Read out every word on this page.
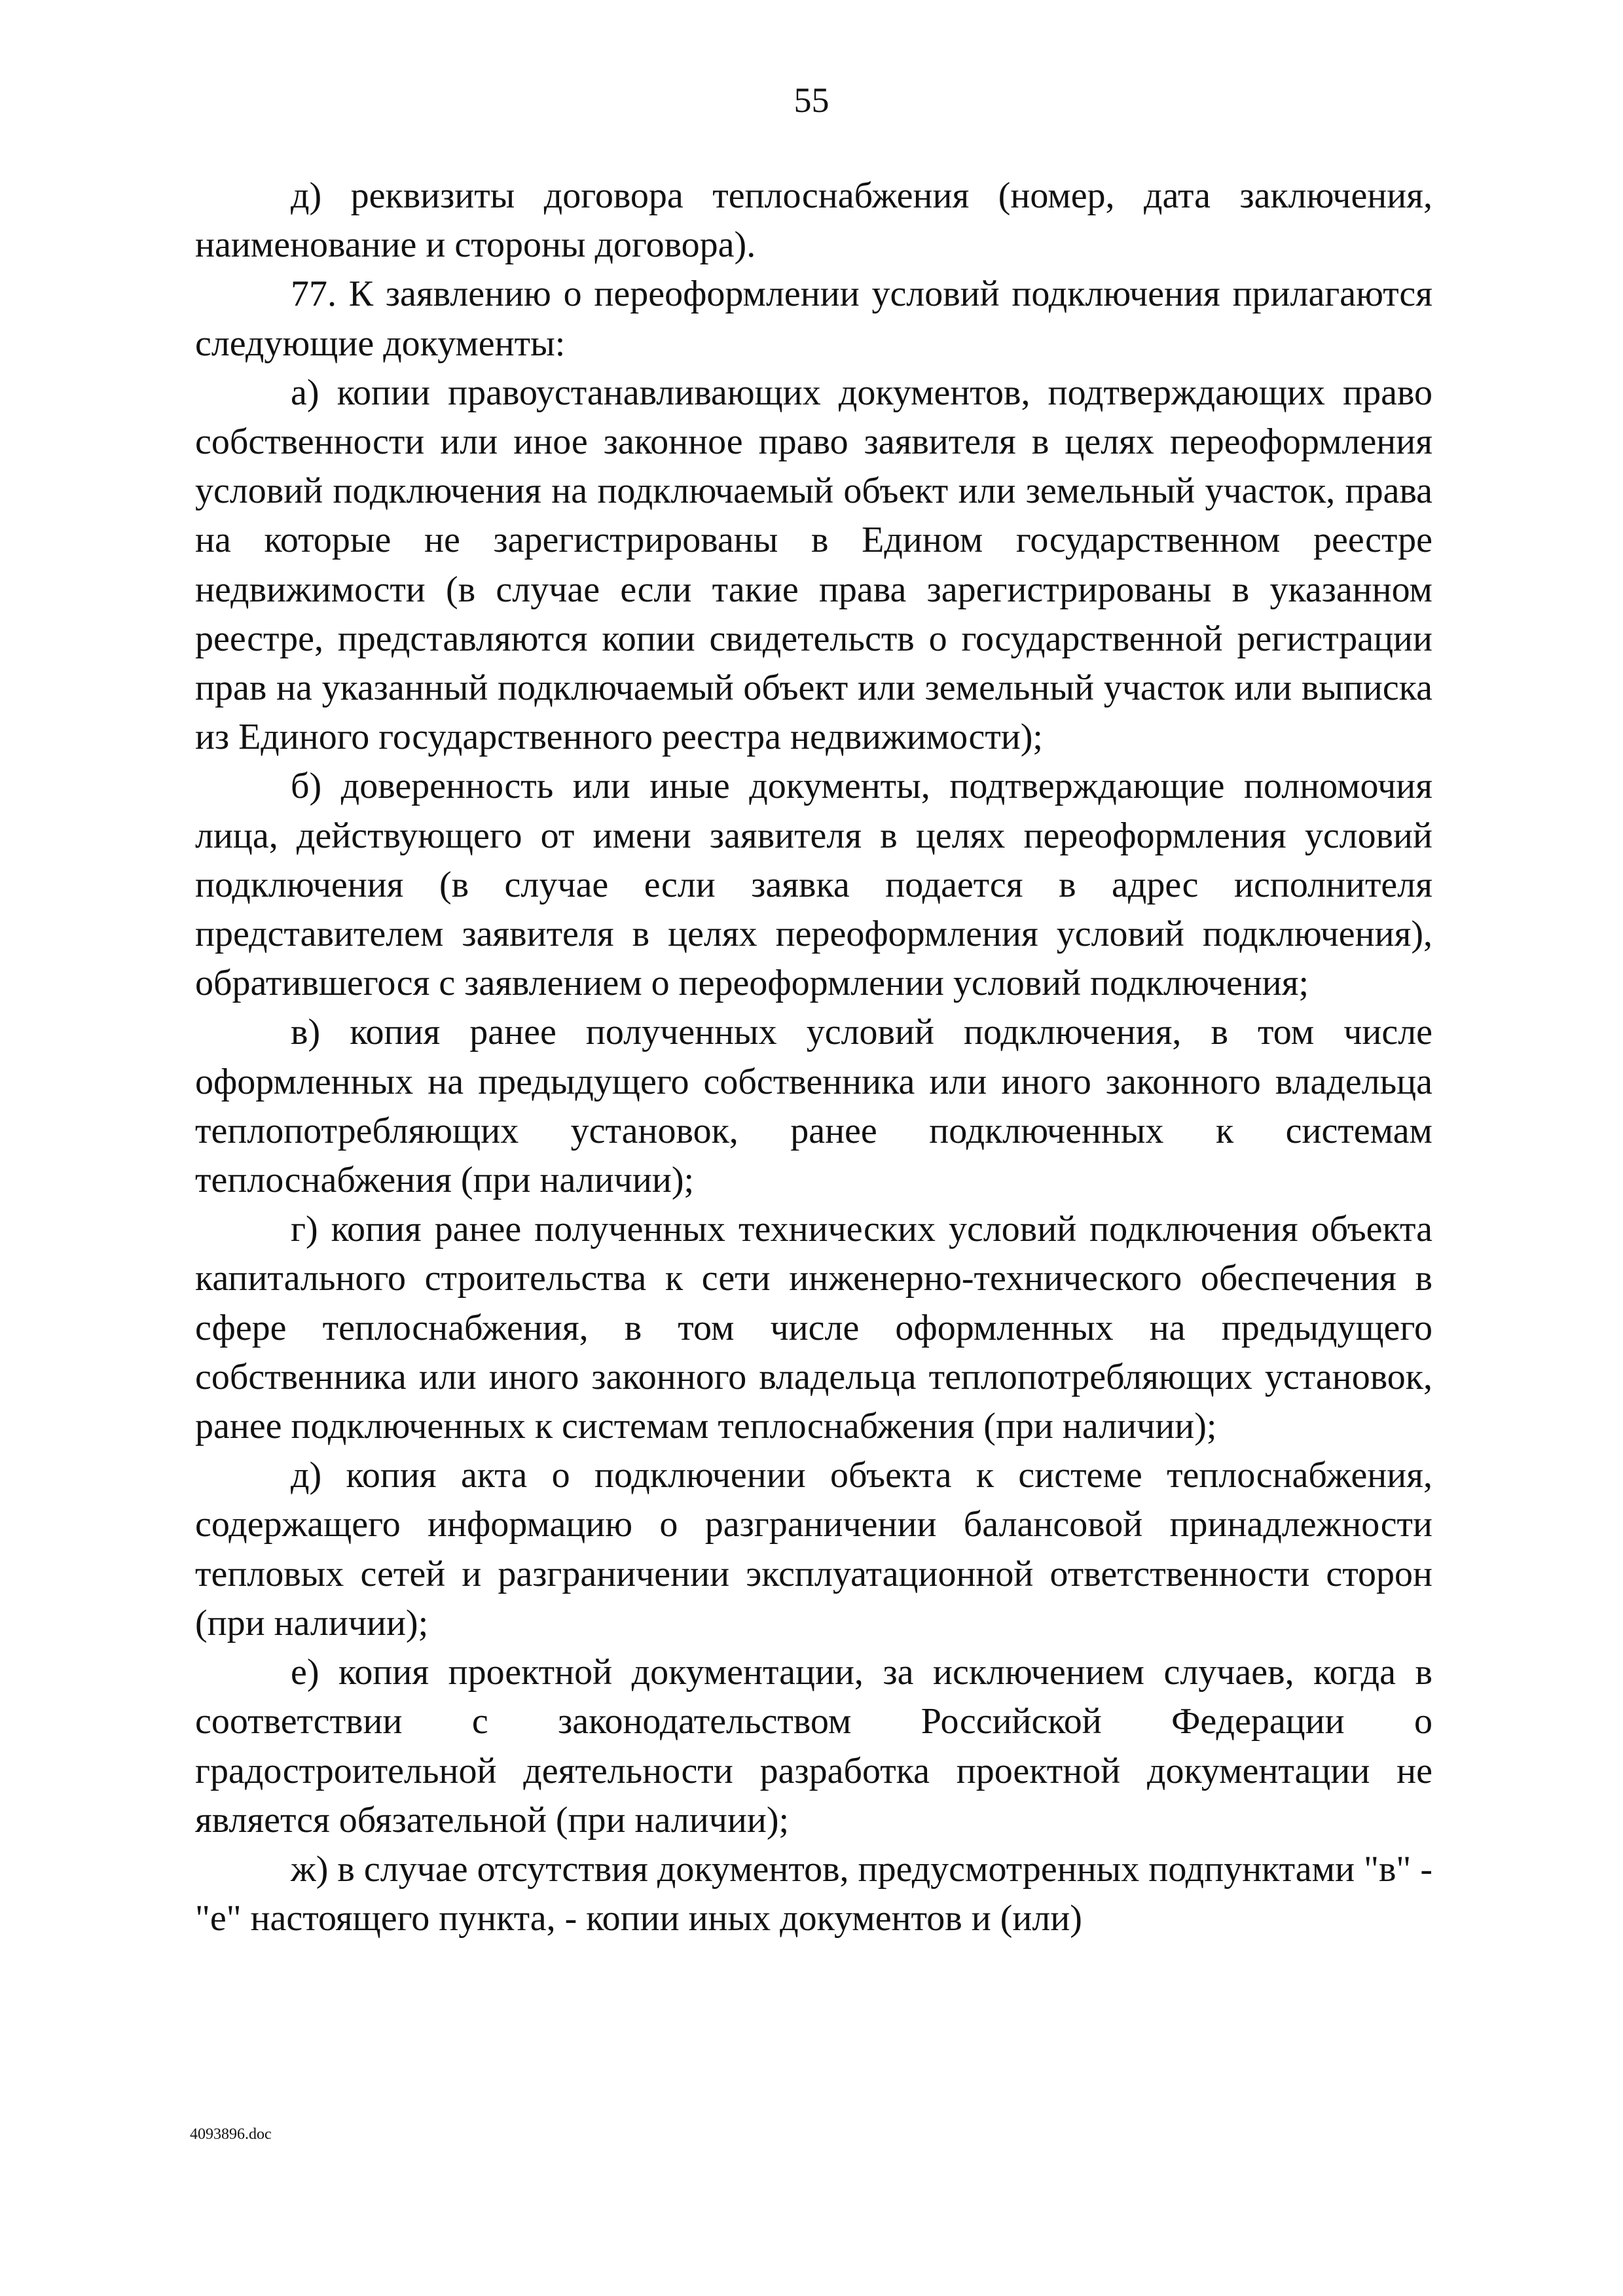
55

д) реквизиты договора теплоснабжения (номер, дата заключения, наименование и стороны договора).

77. К заявлению о переоформлении условий подключения прилагаются следующие документы:

а) копии правоустанавливающих документов, подтверждающих право собственности или иное законное право заявителя в целях переоформления условий подключения на подключаемый объект или земельный участок, права на которые не зарегистрированы в Едином государственном реестре недвижимости (в случае если такие права зарегистрированы в указанном реестре, представляются копии свидетельств о государственной регистрации прав на указанный подключаемый объект или земельный участок или выписка из Единого государственного реестра недвижимости);

б) доверенность или иные документы, подтверждающие полномочия лица, действующего от имени заявителя в целях переоформления условий подключения (в случае если заявка подается в адрес исполнителя представителем заявителя в целях переоформления условий подключения), обратившегося с заявлением о переоформлении условий подключения;

в) копия ранее полученных условий подключения, в том числе оформленных на предыдущего собственника или иного законного владельца теплопотребляющих установок, ранее подключенных к системам теплоснабжения (при наличии);

г) копия ранее полученных технических условий подключения объекта капитального строительства к сети инженерно-технического обеспечения в сфере теплоснабжения, в том числе оформленных на предыдущего собственника или иного законного владельца теплопотребляющих установок, ранее подключенных к системам теплоснабжения (при наличии);

д) копия акта о подключении объекта к системе теплоснабжения, содержащего информацию о разграничении балансовой принадлежности тепловых сетей и разграничении эксплуатационной ответственности сторон (при наличии);

е) копия проектной документации, за исключением случаев, когда в соответствии с законодательством Российской Федерации о градостроительной деятельности разработка проектной документации не является обязательной (при наличии);

ж) в случае отсутствия документов, предусмотренных подпунктами "в" - "е" настоящего пункта, - копии иных документов и (или)

4093896.doc
